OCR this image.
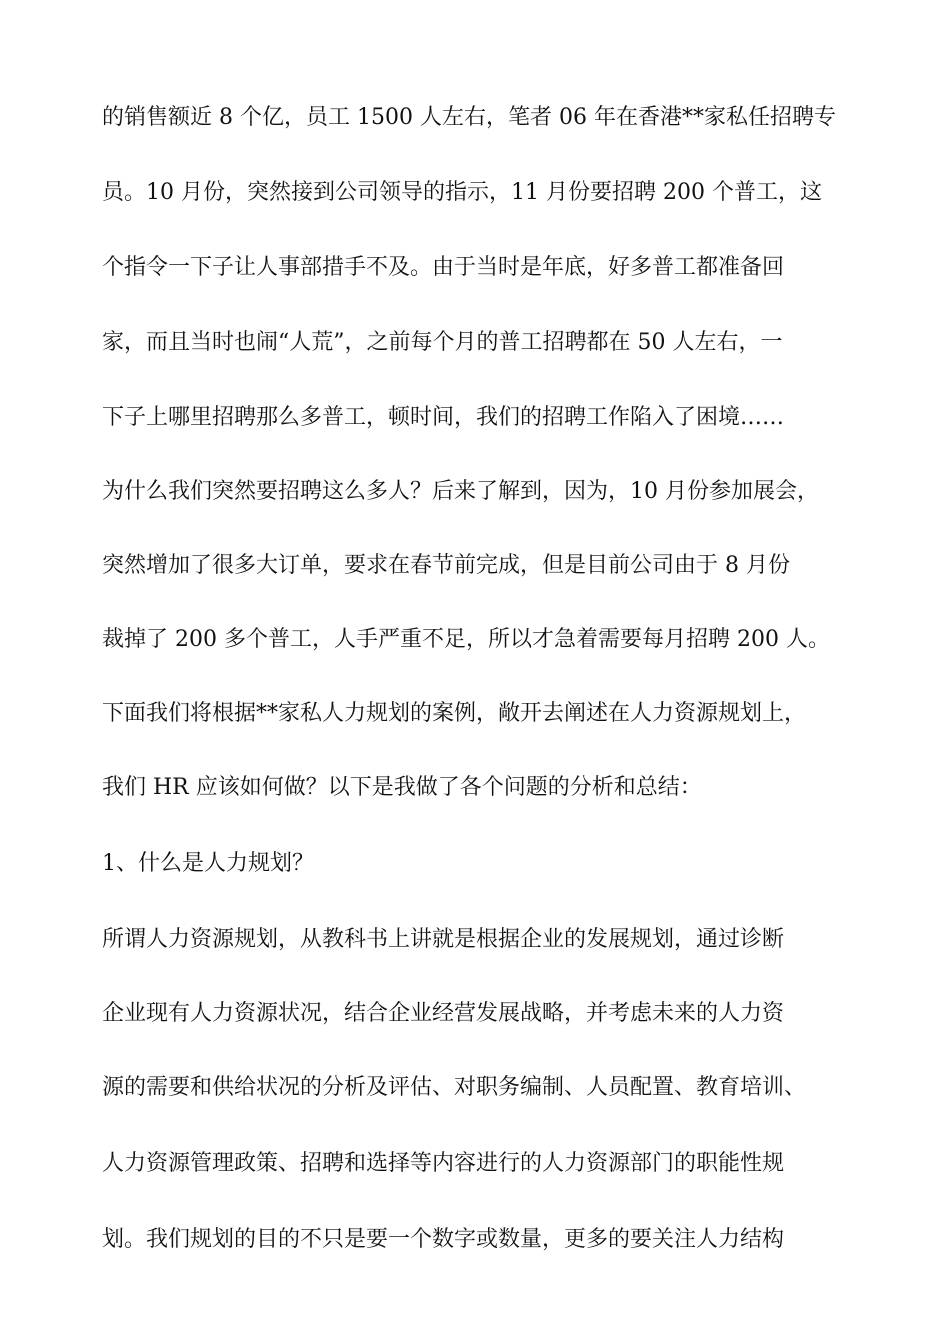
的销售额近 8 个亿，员工 1500 人左右，笔者 06 年在香港**家私任招聘专
员。10 月份，突然接到公司领导的指示，11 月份要招聘 200 个普工，这
个指令一下子让人事部措手不及。由于当时是年底，好多普工都准备回
家，而且当时也闹“人荒”，之前每个月的普工招聘都在 50 人左右，一
下子上哪里招聘那么多普工，顿时间，我们的招聘工作陷入了困境……
为什么我们突然要招聘这么多人？后来了解到，因为，10 月份参加展会，
突然增加了很多大订单，要求在春节前完成，但是目前公司由于 8 月份
裁掉了 200 多个普工，人手严重不足，所以才急着需要每月招聘 200 人。
下面我们将根据**家私人力规划的案例，敞开去阐述在人力资源规划上，
我们 HR 应该如何做？以下是我做了各个问题的分析和总结：
1、什么是人力规划？
所谓人力资源规划，从教科书上讲就是根据企业的发展规划，通过诊断
企业现有人力资源状况，结合企业经营发展战略，并考虑未来的人力资
源的需要和供给状况的分析及评估、对职务编制、人员配置、教育培训、
人力资源管理政策、招聘和选择等内容进行的人力资源部门的职能性规
划。我们规划的目的不只是要一个数字或数量，更多的要关注人力结构
